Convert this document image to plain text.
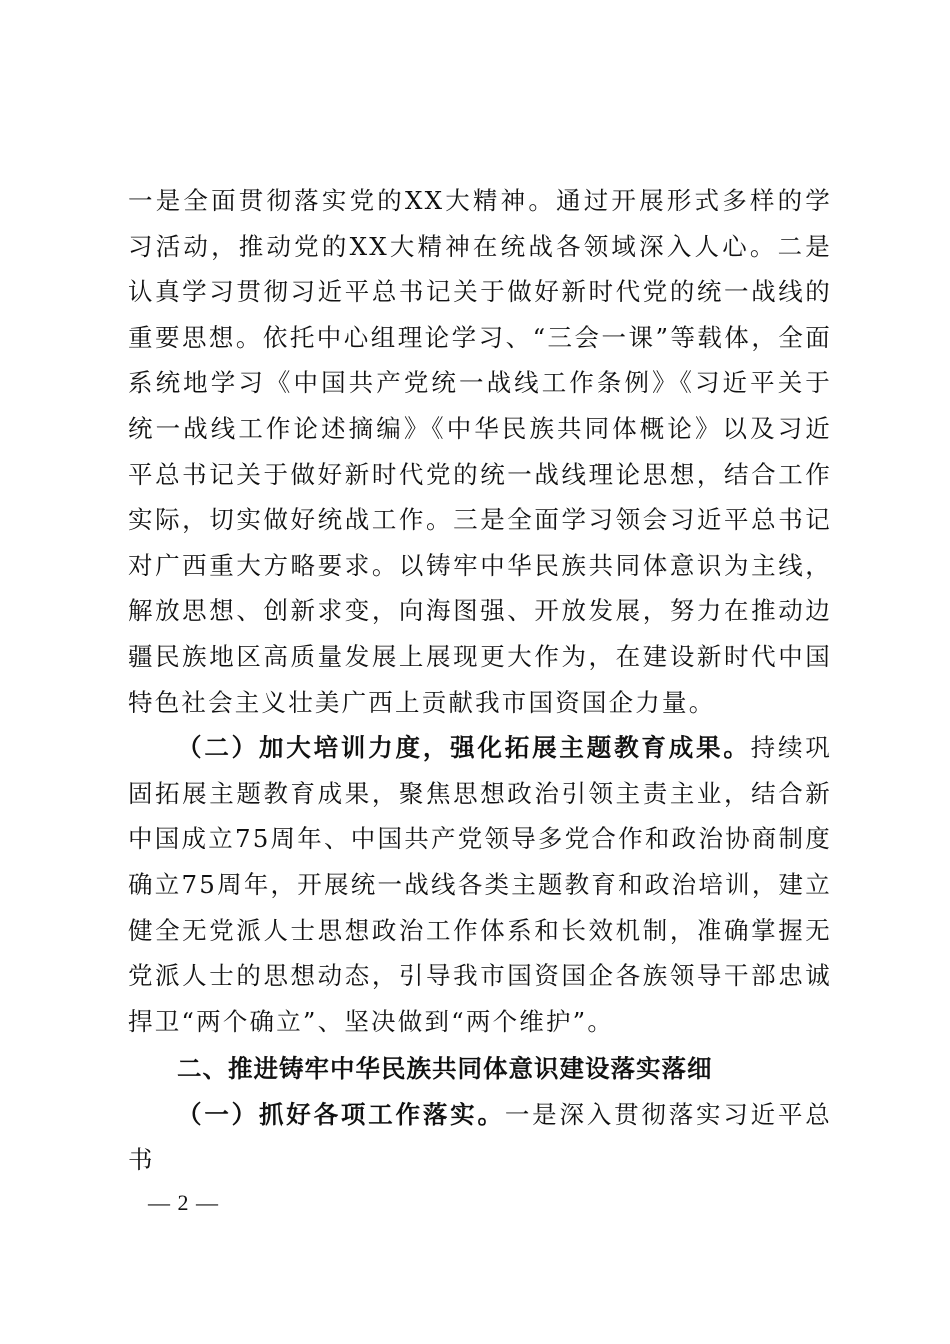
一是全面贯彻落实党的XX大精神。通过开展形式多样的学习活动，推动党的XX大精神在统战各领域深入人心。二是认真学习贯彻习近平总书记关于做好新时代党的统一战线的重要思想。依托中心组理论学习、“三会一课”等载体，全面系统地学习《中国共产党统一战线工作条例》《习近平关于统一战线工作论述摘编》《中华民族共同体概论》以及习近平总书记关于做好新时代党的统一战线理论思想，结合工作实际，切实做好统战工作。三是全面学习领会习近平总书记对广西重大方略要求。以铸牢中华民族共同体意识为主线，解放思想、创新求变，向海图强、开放发展，努力在推动边疆民族地区高质量发展上展现更大作为，在建设新时代中国特色社会主义壮美广西上贡献我市国资国企力量。

（二）加大培训力度，强化拓展主题教育成果。持续巩固拓展主题教育成果，聚焦思想政治引领主责主业，结合新中国成立75周年、中国共产党领导多党合作和政治协商制度确立75周年，开展统一战线各类主题教育和政治培训，建立健全无党派人士思想政治工作体系和长效机制，准确掌握无党派人士的思想动态，引导我市国资国企各族领导干部忠诚捍卫“两个确立”、坚决做到“两个维护”。

二、推进铸牢中华民族共同体意识建设落实落细

（一）抓好各项工作落实。一是深入贯彻落实习近平总书

— 2 —
